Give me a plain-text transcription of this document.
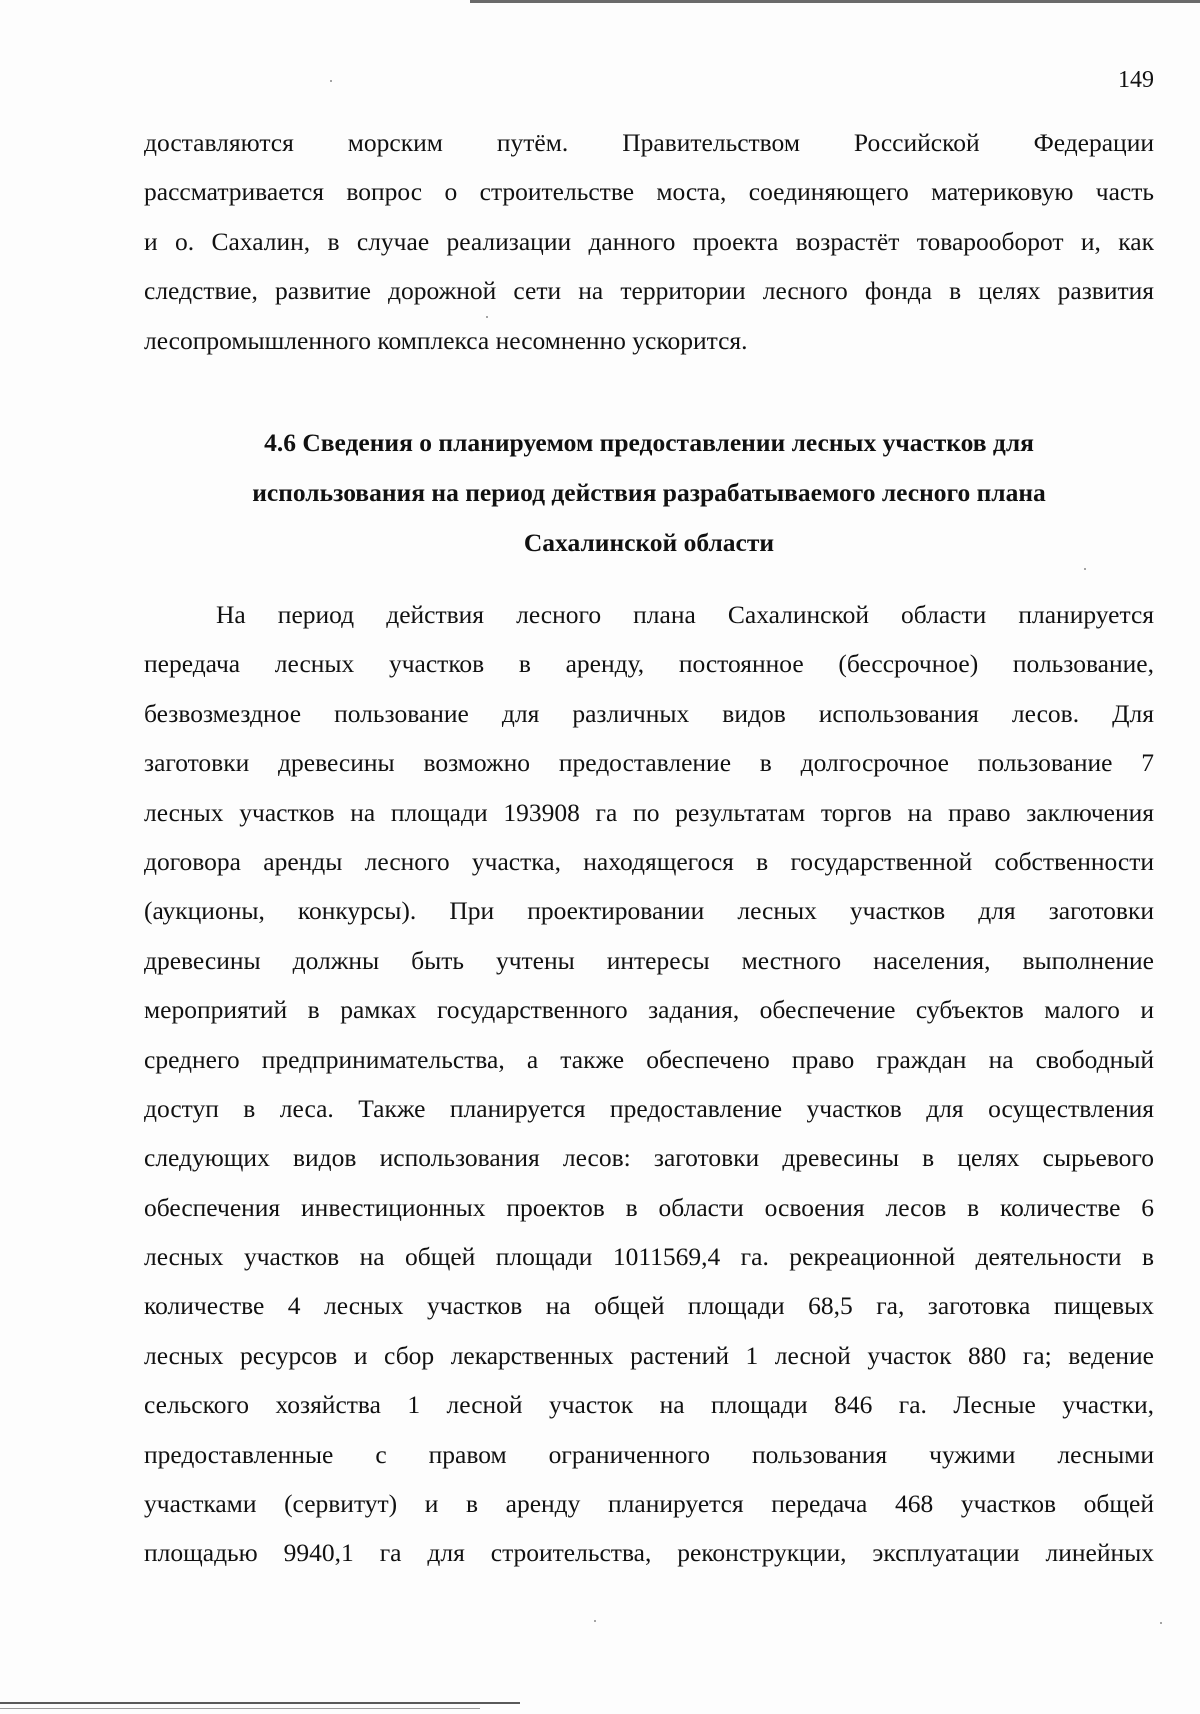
149
доставляются морским путём. Правительством Российской Федерации
рассматривается вопрос о строительстве моста, соединяющего материковую часть
и о. Сахалин, в случае реализации данного проекта возрастёт товарооборот и, как
следствие, развитие дорожной сети на территории лесного фонда в целях развития
лесопромышленного комплекса несомненно ускорится.
4.6 Сведения о планируемом предоставлении лесных участков для
использования на период действия разрабатываемого лесного плана
Сахалинской области
На период действия лесного плана Сахалинской области планируется
передача лесных участков в аренду, постоянное (бессрочное) пользование,
безвозмездное пользование для различных видов использования лесов. Для
заготовки древесины возможно предоставление в долгосрочное пользование 7
лесных участков на площади 193908 га по результатам торгов на право заключения
договора аренды лесного участка, находящегося в государственной собственности
(аукционы, конкурсы). При проектировании лесных участков для заготовки
древесины должны быть учтены интересы местного населения, выполнение
мероприятий в рамках государственного задания, обеспечение субъектов малого и
среднего предпринимательства, а также обеспечено право граждан на свободный
доступ в леса. Также планируется предоставление участков для осуществления
следующих видов использования лесов: заготовки древесины в целях сырьевого
обеспечения инвестиционных проектов в области освоения лесов в количестве 6
лесных участков на общей площади 1011569,4 га. рекреационной деятельности в
количестве 4 лесных участков на общей площади 68,5 га, заготовка пищевых
лесных ресурсов и сбор лекарственных растений 1 лесной участок 880 га; ведение
сельского хозяйства 1 лесной участок на площади 846 га. Лесные участки,
предоставленные с правом ограниченного пользования чужими лесными
участками (сервитут) и в аренду планируется передача 468 участков общей
площадью 9940,1 га для строительства, реконструкции, эксплуатации линейных
